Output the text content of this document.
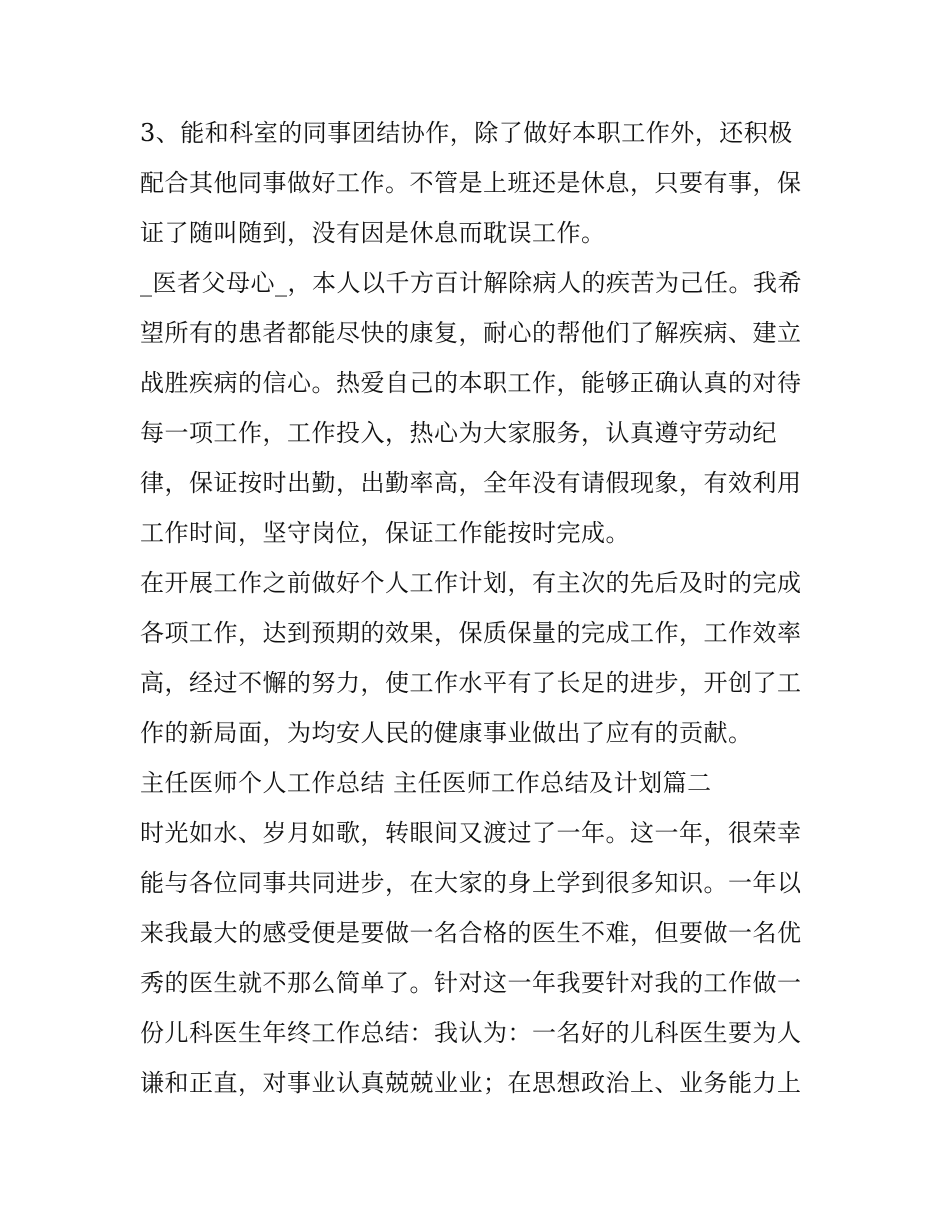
3、能和科室的同事团结协作，除了做好本职工作外，还积极
配合其他同事做好工作。不管是上班还是休息，只要有事，保
证了随叫随到，没有因是休息而耽误工作。
_医者父母心_，本人以千方百计解除病人的疾苦为己任。我希
望所有的患者都能尽快的康复，耐心的帮他们了解疾病、建立
战胜疾病的信心。热爱自己的本职工作，能够正确认真的对待
每一项工作，工作投入，热心为大家服务，认真遵守劳动纪
律，保证按时出勤，出勤率高，全年没有请假现象，有效利用
工作时间，坚守岗位，保证工作能按时完成。
在开展工作之前做好个人工作计划，有主次的先后及时的完成
各项工作，达到预期的效果，保质保量的完成工作，工作效率
高，经过不懈的努力，使工作水平有了长足的进步，开创了工
作的新局面，为均安人民的健康事业做出了应有的贡献。
主任医师个人工作总结 主任医师工作总结及计划篇二
时光如水、岁月如歌，转眼间又渡过了一年。这一年，很荣幸
能与各位同事共同进步，在大家的身上学到很多知识。一年以
来我最大的感受便是要做一名合格的医生不难，但要做一名优
秀的医生就不那么简单了。针对这一年我要针对我的工作做一
份儿科医生年终工作总结：我认为：一名好的儿科医生要为人
谦和正直，对事业认真兢兢业业；在思想政治上、业务能力上
